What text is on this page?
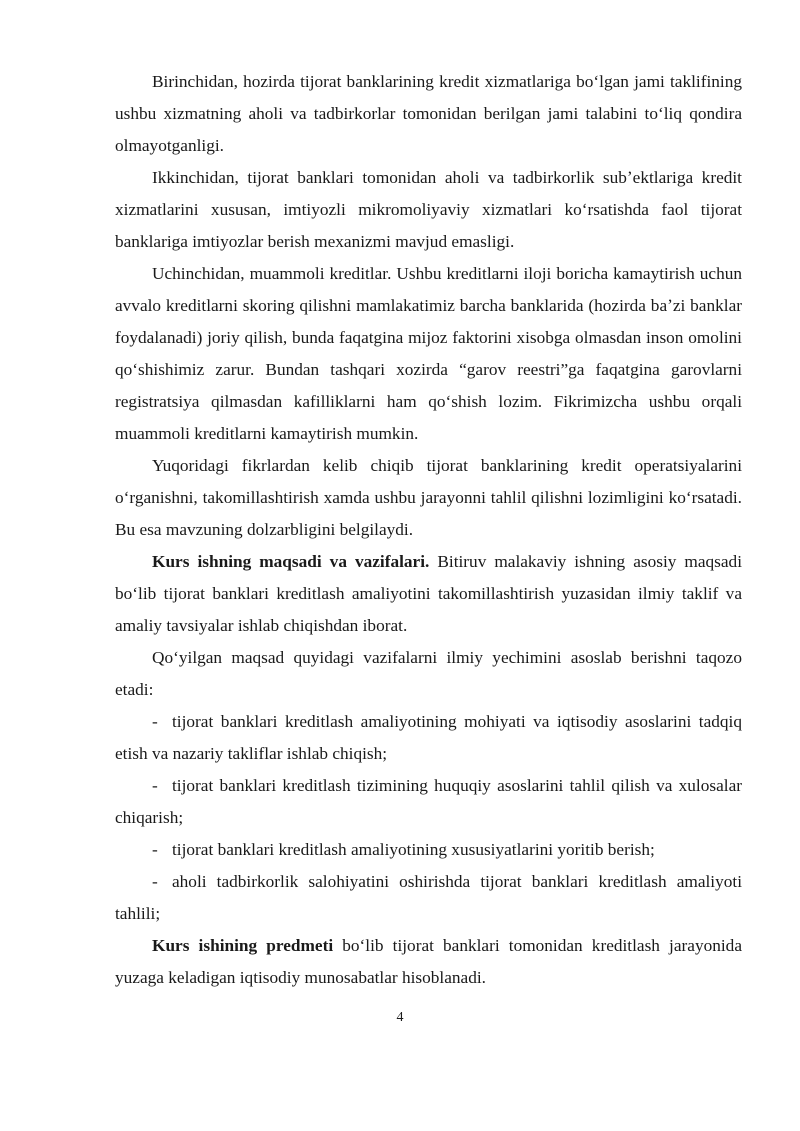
Birinchidan, hozirda tijorat banklarining kredit xizmatlariga boʻlgan jami taklifining ushbu xizmatning aholi va tadbirkorlar tomonidan berilgan jami talabini toʻliq qondira olmayotganligi.

Ikkinchidan, tijorat banklari tomonidan aholi va tadbirkorlik subʼektlariga kredit xizmatlarini xususan, imtiyozli mikromoliyaviy xizmatlari koʻrsatishda faol tijorat banklariga imtiyozlar berish mexanizmi mavjud emasligi.

Uchinchidan, muammoli kreditlar. Ushbu kreditlarni iloji boricha kamaytirish uchun avvalo kreditlarni skoring qilishni mamlakatimiz barcha banklarida (hozirda baʼzi banklar foydalanadi) joriy qilish, bunda faqatgina mijoz faktorini xisobga olmasdan inson omolini qoʻshishimiz zarur. Bundan tashqari xozirda “garov reestri”ga faqatgina garovlarni registratsiya qilmasdan kafilliklarni ham qoʻshish lozim. Fikrimizcha ushbu orqali muammoli kreditlarni kamaytirish mumkin.

Yuqoridagi fikrlardan kelib chiqib tijorat banklarining kredit operatsiyalarini oʻrganishni, takomillashtirish xamda ushbu jarayonni tahlil qilishni lozimligini koʻrsatadi. Bu esa mavzuning dolzarbligini belgilaydi.

Kurs ishning maqsadi va vazifalari. Bitiruv malakaviy ishning asosiy maqsadi boʻlib tijorat banklari kreditlash amaliyotini takomillashtirish yuzasidan ilmiy taklif va amaliy tavsiyalar ishlab chiqishdan iborat.

Qoʻyilgan maqsad quyidagi vazifalarni ilmiy yechimini asoslab berishni taqozo etadi:

- tijorat banklari kreditlash amaliyotining mohiyati va iqtisodiy asoslarini tadqiq etish va nazariy takliflar ishlab chiqish;

- tijorat banklari kreditlash tizimining huquqiy asoslarini tahlil qilish va xulosalar chiqarish;

- tijorat banklari kreditlash amaliyotining xususiyatlarini yoritib berish;

- aholi tadbirkorlik salohiyatini oshirishda tijorat banklari kreditlash amaliyoti tahlili;

Kurs ishining predmeti boʻlib tijorat banklari tomonidan kreditlash jarayonida yuzaga keladigan iqtisodiy munosabatlar hisoblanadi.

4
